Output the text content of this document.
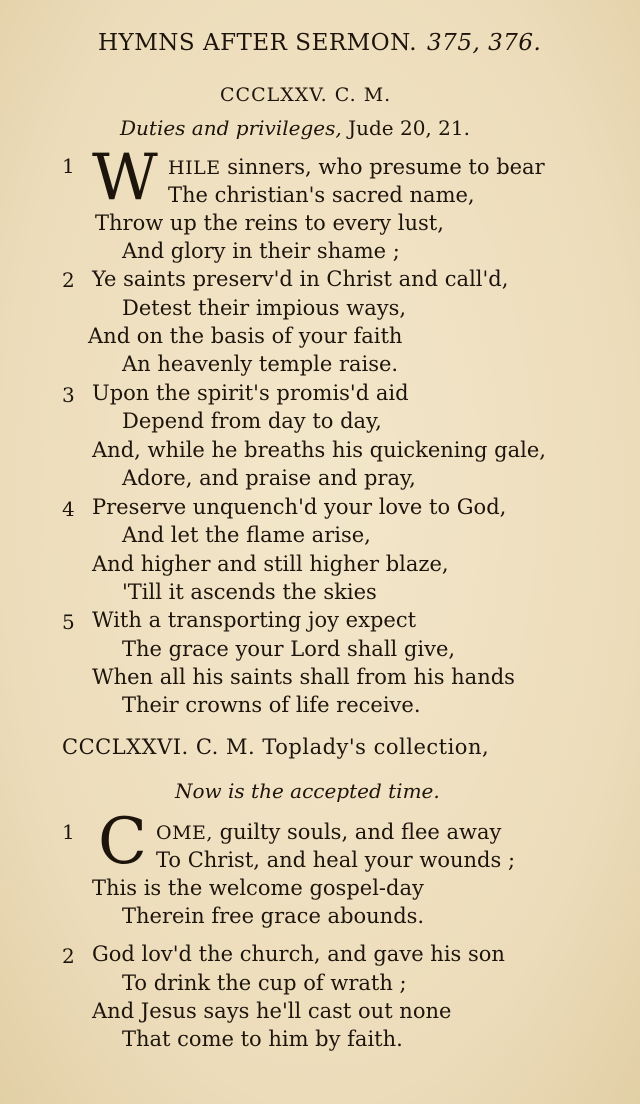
HYMNS AFTER SERMON. 375, 376.
CCCLXXV. C. M.
Duties and privileges, Jude 20, 21.
1 W HILE sinners, who presume to bear
The christian's sacred name,
Throw up the reins to every lust,
And glory in their shame ;
2 Ye saints preserv'd in Christ and call'd,
Detest their impious ways,
And on the basis of your faith
An heavenly temple raise.
3 Upon the spirit's promis'd aid
Depend from day to day,
And, while he breaths his quickening gale,
Adore, and praise and pray,
4 Preserve unquench'd your love to God,
And let the flame arise,
And higher and still higher blaze,
'Till it ascends the skies
5 With a transporting joy expect
The grace your Lord shall give,
When all his saints shall from his hands
Their crowns of life receive.
CCCLXXVI. C. M. Toplady's collection,
Now is the accepted time.
1 C OME, guilty souls, and flee away
To Christ, and heal your wounds ;
This is the welcome gospel-day
Therein free grace abounds.
2 God lov'd the church, and gave his son
To drink the cup of wrath ;
And Jesus says he'll cast out none
That come to him by faith.
